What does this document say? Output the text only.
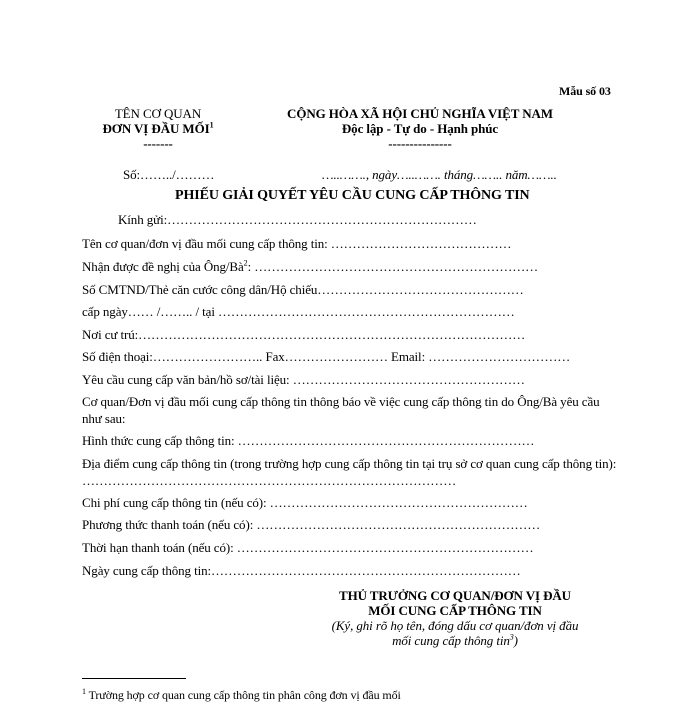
Mẫu số 03
TÊN CƠ QUAN
ĐƠN VỊ ĐẦU MỐI$^1$
-------
CỘNG HÒA XÃ HỘI CHỦ NGHĨA VIỆT NAM
Độc lập - Tự do - Hạnh phúc
---------------
Số:……../………	…..……., ngày…..……. tháng…….. năm……..
PHIẾU GIẢI QUYẾT YÊU CẦU CUNG CẤP THÔNG TIN
Kính gửi:………………………………………………………………
Tên cơ quan/đơn vị đầu mối cung cấp thông tin: ……………………………………
Nhận được đề nghị của Ông/$Bà^2$: …………………………………………………………
Số CMTND/Thẻ căn cước công dân/Hộ chiếu…………………………………………
cấp ngày…… /…….. / tại ……………………………………………………………
Nơi cư trú:………………………………………………………………………………
Số điện thoại:…………………….. Fax…………………… Email: ……………………………
Yêu cầu cung cấp văn bản/hồ sơ/tài liệu: ………………………………………………
Cơ quan/Đơn vị đầu mối cung cấp thông tin thông báo về việc cung cấp thông tin do Ông/Bà yêu cầu như sau:
Hình thức cung cấp thông tin: ……………………………………………………………
Địa điểm cung cấp thông tin (trong trường hợp cung cấp thông tin tại trụ sở cơ quan cung cấp thông tin): ……………………………………………………………………………
Chi phí cung cấp thông tin (nếu có): ……………………………………………………
Phương thức thanh toán (nếu có): …………………………………………………………
Thời hạn thanh toán (nếu có): ……………………………………………………………
Ngày cung cấp thông tin:………………………………………………………………
THỦ TRƯỞNG CƠ QUAN/ĐƠN VỊ ĐẦU
MỐI CUNG CẤP THÔNG TIN
(Ký, ghi rõ họ tên, đóng dấu cơ quan/đơn vị đầu
mối cung cấp thông tin$^3$)
$^1$ Trường hợp cơ quan cung cấp thông tin phân công đơn vị đầu mối
